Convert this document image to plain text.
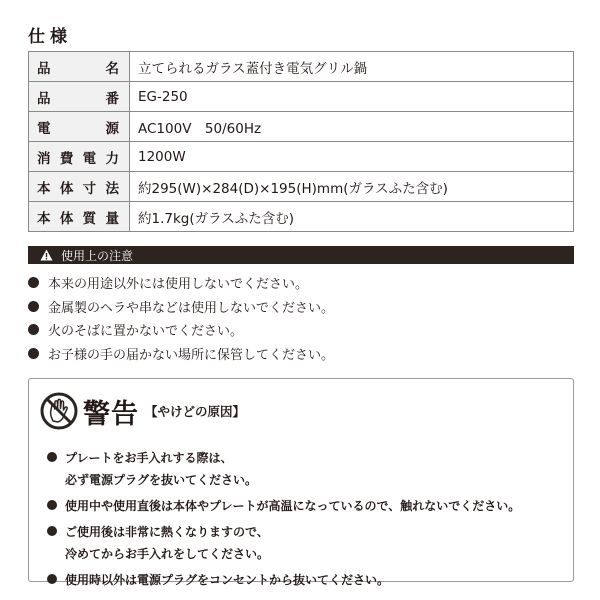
仕様
品 名	立てられるガラス蓋付き電気グリル鍋

品 番	EG-250

電 源	AC100V　50/60Hz

消 費 電 力	1200W

本 体 寸 法	約295(W)×284(D)×195(H)mm(ガラスふた含む)

本 体 質 量	約1.7kg(ガラスふた含む)
使用上の注意
本来の用途以外には使用しないでください。
金属製のヘラや串などは使用しないでください。
火のそばに置かないでください。
お子様の手の届かない場所に保管してください。
警告 【やけどの原因】
プレートをお手入れする際は、
必ず電源プラグを抜いてください。
使用中や使用直後は本体やプレートが高温になっているので、触れないでください。
ご使用後は非常に熱くなりますので、
冷めてからお手入れをしてください。
使用時以外は電源プラグをコンセントから抜いてください。
